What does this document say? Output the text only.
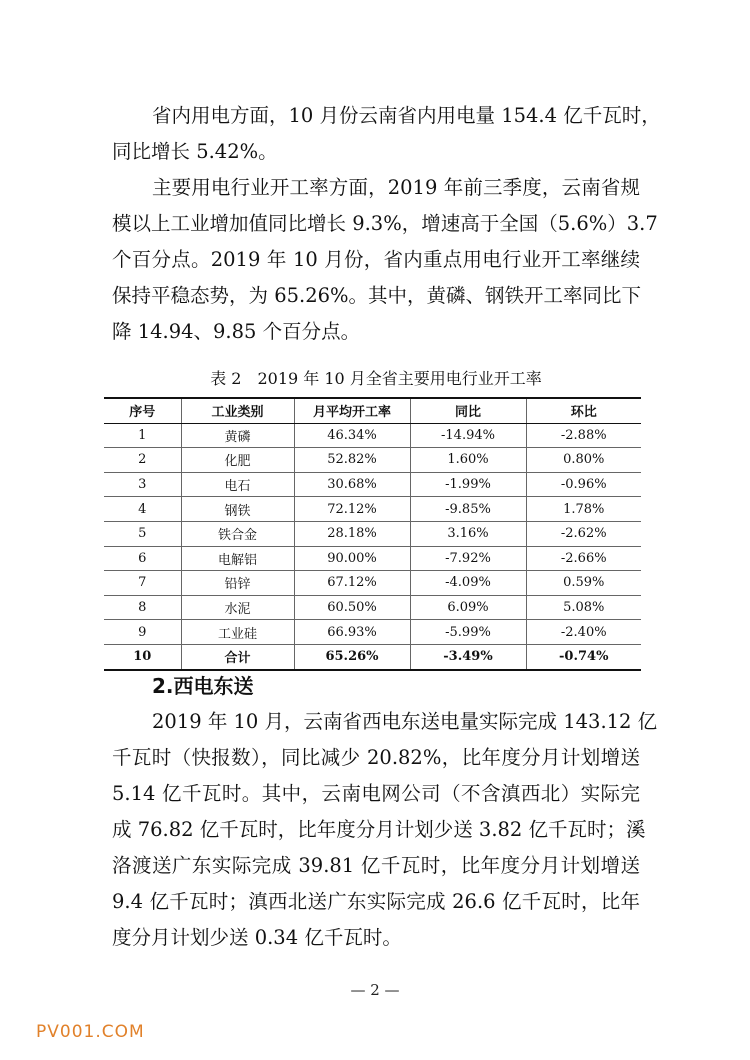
省内用电方面，10 月份云南省内用电量 154.4 亿千瓦时，
同比增长 5.42%。
主要用电行业开工率方面，2019 年前三季度，云南省规
模以上工业增加值同比增长 9.3%，增速高于全国（5.6%）3.7
个百分点。2019 年 10 月份，省内重点用电行业开工率继续
保持平稳态势，为 65.26%。其中，黄磷、钢铁开工率同比下
降 14.94、9.85 个百分点。
表 2　2019 年 10 月全省主要用电行业开工率
序号	工业类别	月平均开工率	同比	环比
1	黄磷	46.34%	-14.94%	-2.88%
2	化肥	52.82%	1.60%	0.80%
3	电石	30.68%	-1.99%	-0.96%
4	钢铁	72.12%	-9.85%	1.78%
5	铁合金	28.18%	3.16%	-2.62%
6	电解铝	90.00%	-7.92%	-2.66%
7	铅锌	67.12%	-4.09%	0.59%
8	水泥	60.50%	6.09%	5.08%
9	工业硅	66.93%	-5.99%	-2.40%
10	合计	65.26%	-3.49%	-0.74%
2.西电东送
2019 年 10 月，云南省西电东送电量实际完成 143.12 亿
千瓦时（快报数），同比减少 20.82%，比年度分月计划增送
5.14 亿千瓦时。其中，云南电网公司（不含滇西北）实际完
成 76.82 亿千瓦时，比年度分月计划少送 3.82 亿千瓦时；溪
洛渡送广东实际完成 39.81 亿千瓦时，比年度分月计划增送
9.4 亿千瓦时；滇西北送广东实际完成 26.6 亿千瓦时，比年
度分月计划少送 0.34 亿千瓦时。
— 2 —
PV001.COM
